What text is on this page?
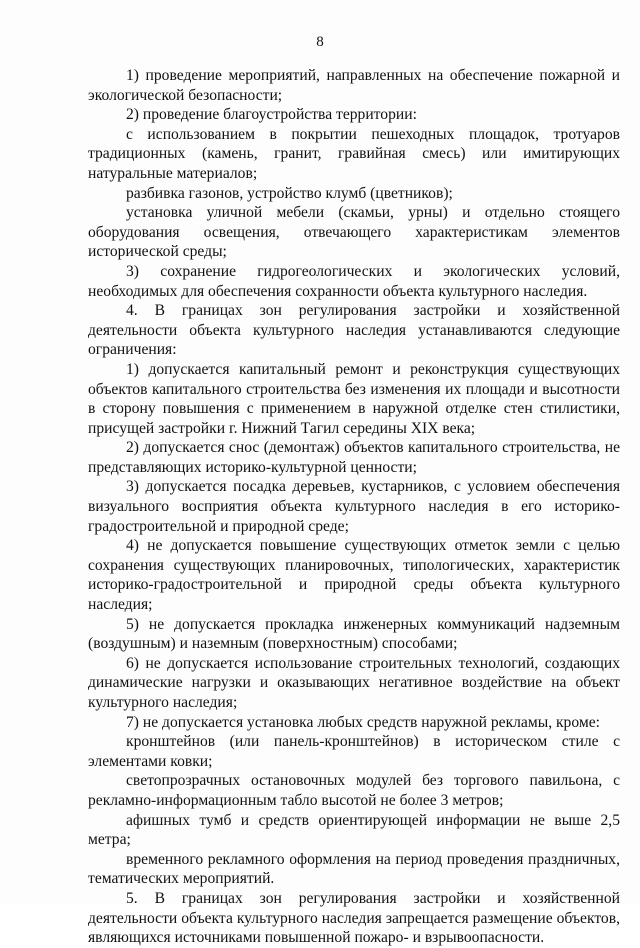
8

1) проведение мероприятий, направленных на обеспечение пожарной и экологической безопасности;

2) проведение благоустройства территории:

с использованием в покрытии пешеходных площадок, тротуаров традиционных (камень, гранит, гравийная смесь) или имитирующих натуральные материалов;

разбивка газонов, устройство клумб (цветников);

установка уличной мебели (скамьи, урны) и отдельно стоящего оборудования освещения, отвечающего характеристикам элементов исторической среды;

3) сохранение гидрогеологических и экологических условий, необходимых для обеспечения сохранности объекта культурного наследия.

4. В границах зон регулирования застройки и хозяйственной деятельности объекта культурного наследия устанавливаются следующие ограничения:

1) допускается капитальный ремонт и реконструкция существующих объектов капитального строительства без изменения их площади и высотности в сторону повышения с применением в наружной отделке стен стилистики, присущей застройки г. Нижний Тагил середины XIX века;

2) допускается снос (демонтаж) объектов капитального строительства, не представляющих историко-культурной ценности;

3) допускается посадка деревьев, кустарников, с условием обеспечения визуального восприятия объекта культурного наследия в его историко-градостроительной и природной среде;

4) не допускается повышение существующих отметок земли с целью сохранения существующих планировочных, типологических, характеристик историко-градостроительной и природной среды объекта культурного наследия;

5) не допускается прокладка инженерных коммуникаций надземным (воздушным) и наземным (поверхностным) способами;

6) не допускается использование строительных технологий, создающих динамические нагрузки и оказывающих негативное воздействие на объект культурного наследия;

7) не допускается установка любых средств наружной рекламы, кроме:

кронштейнов (или панель-кронштейнов) в историческом стиле с элементами ковки;

светопрозрачных остановочных модулей без торгового павильона, с рекламно-информационным табло высотой не более 3 метров;

афишных тумб и средств ориентирующей информации не выше 2,5 метра;

временного рекламного оформления на период проведения праздничных, тематических мероприятий.

5. В границах зон регулирования застройки и хозяйственной деятельности объекта культурного наследия запрещается размещение объектов, являющихся источниками повышенной пожаро- и взрывоопасности.
